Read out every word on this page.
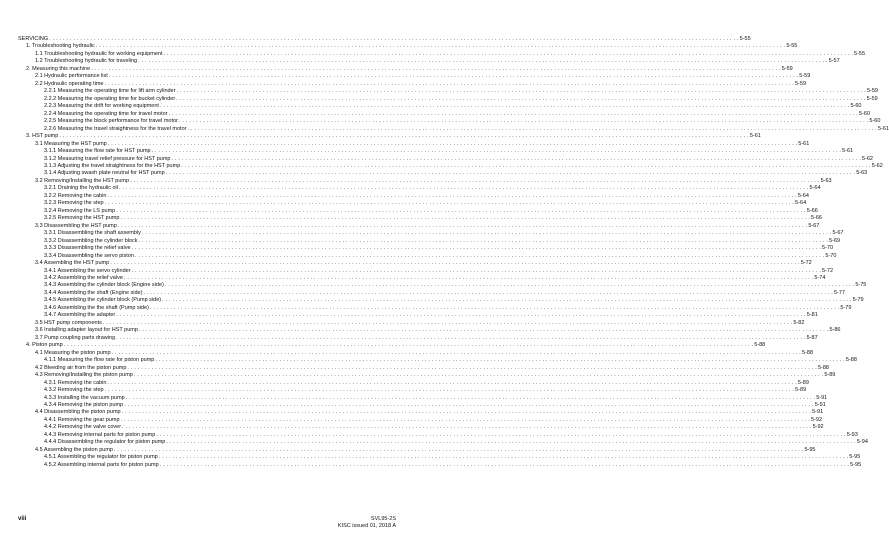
SERVICING . . . . . . . . . . . . . . . . . . . . . . . . . . . . . . . . . . . . . . . . . . . . . . . . . . . . . . . . . . . . . . . . . . . . . . . . . . . . . . . . . . . . . . . . . . . . . . . . . . . . . . . . . . . . . . . . . . . . . . . . . . . . . . . . . . . . . . . . . . . . . . . . . . . . . . . . . . . . . . . . . . . . . . . . . . . . . . . . . . . . . . . . . . . . . . . . . . . . . . . . 5-55
1. Troubleshooting hydraulic . . . . . . . . . . . . . . . . . . . . . . . . . . . . . . . . . . . . . . . . . . . . . . . . . . . . . . . . . . . . . . . . . . . . . . . . . . . . . . . . . . . . . . . . . . . . . . . . . . . . . . . . . . . . . . . . . . . . . . . . . . . . . . . . . . . . . . . . . . . . . . . . . . . . . . . . . . . . . . . . . . . . . . . . . . . . . . . . . . . . . . . . . . . . . . . . . . . . . . . . 5-55
1.1 Troubleshooting hydraulic for working equipment . . . . . . . . . . . . . . . . . . . . . . . . . . . . . . . . . . . . . . . . . . . . . . . . . . . . . . . . . . . . . . . . . . . . . . . . . . . . . . . . . . . . . . . . . . . . . . . . . . . . . . . . . . . . . . . . . . . . . . . . . . . . . . . . . . . . . . . . . . . . . . . . . . . . . . . . . . . . . . . . . . . . . . . . . . . . . . . . . . . . . . . . . . . . . . . . . . . . . . . . 5-55
1.2 Troubleshooting hydraulic for traveling . . . . . . . . . . . . . . . . . . . . . . . . . . . . . . . . . . . . . . . . . . . . . . . . . . . . . . . . . . . . . . . . . . . . . . . . . . . . . . . . . . . . . . . . . . . . . . . . . . . . . . . . . . . . . . . . . . . . . . . . . . . . . . . . . . . . . . . . . . . . . . . . . . . . . . . . . . . . . . . . . . . . . . . . . . . . . . . . . . . . . . . . . . . . . . . . . . . . . . . . 5-57
2. Measuring this machine . . . . . . . . . . . . . . . . . . . . . . . . . . . . . . . . . . . . . . . . . . . . . . . . . . . . . . . . . . . . . . . . . . . . . . . . . . . . . . . . . . . . . . . . . . . . . . . . . . . . . . . . . . . . . . . . . . . . . . . . . . . . . . . . . . . . . . . . . . . . . . . . . . . . . . . . . . . . . . . . . . . . . . . . . . . . . . . . . . . . . . . . . . . . . . . . . . . . . . . . 5-59
2.1 Hydraulic performance list . . . . . . . . . . . . . . . . . . . . . . . . . . . . . . . . . . . . . . . . . . . . . . . . . . . . . . . . . . . . . . . . . . . . . . . . . . . . . . . . . . . . . . . . . . . . . . . . . . . . . . . . . . . . . . . . . . . . . . . . . . . . . . . . . . . . . . . . . . . . . . . . . . . . . . . . . . . . . . . . . . . . . . . . . . . . . . . . . . . . . . . . . . . . . . . . . . . . . . . . 5-59
2.2 Hydraulic operating time . . . . . . . . . . . . . . . . . . . . . . . . . . . . . . . . . . . . . . . . . . . . . . . . . . . . . . . . . . . . . . . . . . . . . . . . . . . . . . . . . . . . . . . . . . . . . . . . . . . . . . . . . . . . . . . . . . . . . . . . . . . . . . . . . . . . . . . . . . . . . . . . . . . . . . . . . . . . . . . . . . . . . . . . . . . . . . . . . . . . . . . . . . . . . . . . . . . . . . . . 5-59
2.2.1 Measuring the operating time for lift arm cylinder . . . . . . . . . . . . . . . . . . . . . . . . . . . . . . . . . . . . . . . . . . . . . . . . . . . . . . . . . . . . . . . . . . . . . . . . . . . . . . . . . . . . . . . . . . . . . . . . . . . . . . . . . . . . . . . . . . . . . . . . . . . . . . . . . . . . . . . . . . . . . . . . . . . . . . . . . . . . . . . . . . . . . . . . . . . . . . . . . . . . . . . . . . . . . . . . . . . . . . . . 5-59
2.2.2 Measuring the operating time for bucket cylinder . . . . . . . . . . . . . . . . . . . . . . . . . . . . . . . . . . . . . . . . . . . . . . . . . . . . . . . . . . . . . . . . . . . . . . . . . . . . . . . . . . . . . . . . . . . . . . . . . . . . . . . . . . . . . . . . . . . . . . . . . . . . . . . . . . . . . . . . . . . . . . . . . . . . . . . . . . . . . . . . . . . . . . . . . . . . . . . . . . . . . . . . . . . . . . . . . . . . . . . . 5-59
2.2.3 Measuring the drift for working equipment . . . . . . . . . . . . . . . . . . . . . . . . . . . . . . . . . . . . . . . . . . . . . . . . . . . . . . . . . . . . . . . . . . . . . . . . . . . . . . . . . . . . . . . . . . . . . . . . . . . . . . . . . . . . . . . . . . . . . . . . . . . . . . . . . . . . . . . . . . . . . . . . . . . . . . . . . . . . . . . . . . . . . . . . . . . . . . . . . . . . . . . . . . . . . . . . . . . . . . . . 5-60
2.2.4 Measuring the operating time for travel motor . . . . . . . . . . . . . . . . . . . . . . . . . . . . . . . . . . . . . . . . . . . . . . . . . . . . . . . . . . . . . . . . . . . . . . . . . . . . . . . . . . . . . . . . . . . . . . . . . . . . . . . . . . . . . . . . . . . . . . . . . . . . . . . . . . . . . . . . . . . . . . . . . . . . . . . . . . . . . . . . . . . . . . . . . . . . . . . . . . . . . . . . . . . . . . . . . . . . . . . . 5-60
2.2.5 Measuring the block performance for travel motor . . . . . . . . . . . . . . . . . . . . . . . . . . . . . . . . . . . . . . . . . . . . . . . . . . . . . . . . . . . . . . . . . . . . . . . . . . . . . . . . . . . . . . . . . . . . . . . . . . . . . . . . . . . . . . . . . . . . . . . . . . . . . . . . . . . . . . . . . . . . . . . . . . . . . . . . . . . . . . . . . . . . . . . . . . . . . . . . . . . . . . . . . . . . . . . . . . . . . . . . 5-60
2.2.6 Measuring the travel straightness for the travel motor . . . . . . . . . . . . . . . . . . . . . . . . . . . . . . . . . . . . . . . . . . . . . . . . . . . . . . . . . . . . . . . . . . . . . . . . . . . . . . . . . . . . . . . . . . . . . . . . . . . . . . . . . . . . . . . . . . . . . . . . . . . . . . . . . . . . . . . . . . . . . . . . . . . . . . . . . . . . . . . . . . . . . . . . . . . . . . . . . . . . . . . . . . . . . . . . . . . . . . . . 5-61
3. HST pump . . . . . . . . . . . . . . . . . . . . . . . . . . . . . . . . . . . . . . . . . . . . . . . . . . . . . . . . . . . . . . . . . . . . . . . . . . . . . . . . . . . . . . . . . . . . . . . . . . . . . . . . . . . . . . . . . . . . . . . . . . . . . . . . . . . . . . . . . . . . . . . . . . . . . . . . . . . . . . . . . . . . . . . . . . . . . . . . . . . . . . . . . . . . . . . . . . . . . . . . 5-61
3.1 Measuring the HST pump . . . . . . . . . . . . . . . . . . . . . . . . . . . . . . . . . . . . . . . . . . . . . . . . . . . . . . . . . . . . . . . . . . . . . . . . . . . . . . . . . . . . . . . . . . . . . . . . . . . . . . . . . . . . . . . . . . . . . . . . . . . . . . . . . . . . . . . . . . . . . . . . . . . . . . . . . . . . . . . . . . . . . . . . . . . . . . . . . . . . . . . . . . . . . . . . . . . . . . . . 5-61
3.1.1 Measuring the flow rate for HST pump . . . . . . . . . . . . . . . . . . . . . . . . . . . . . . . . . . . . . . . . . . . . . . . . . . . . . . . . . . . . . . . . . . . . . . . . . . . . . . . . . . . . . . . . . . . . . . . . . . . . . . . . . . . . . . . . . . . . . . . . . . . . . . . . . . . . . . . . . . . . . . . . . . . . . . . . . . . . . . . . . . . . . . . . . . . . . . . . . . . . . . . . . . . . . . . . . . . . . . . . 5-61
3.1.2 Measuring travel relief pressure for HST pump . . . . . . . . . . . . . . . . . . . . . . . . . . . . . . . . . . . . . . . . . . . . . . . . . . . . . . . . . . . . . . . . . . . . . . . . . . . . . . . . . . . . . . . . . . . . . . . . . . . . . . . . . . . . . . . . . . . . . . . . . . . . . . . . . . . . . . . . . . . . . . . . . . . . . . . . . . . . . . . . . . . . . . . . . . . . . . . . . . . . . . . . . . . . . . . . . . . . . . . . 5-62
3.1.3 Adjusting the travel straightness for the HST pump . . . . . . . . . . . . . . . . . . . . . . . . . . . . . . . . . . . . . . . . . . . . . . . . . . . . . . . . . . . . . . . . . . . . . . . . . . . . . . . . . . . . . . . . . . . . . . . . . . . . . . . . . . . . . . . . . . . . . . . . . . . . . . . . . . . . . . . . . . . . . . . . . . . . . . . . . . . . . . . . . . . . . . . . . . . . . . . . . . . . . . . . . . . . . . . . . . . . . . . . 5-62
3.1.4 Adjusting swash plate neutral for HST pump . . . . . . . . . . . . . . . . . . . . . . . . . . . . . . . . . . . . . . . . . . . . . . . . . . . . . . . . . . . . . . . . . . . . . . . . . . . . . . . . . . . . . . . . . . . . . . . . . . . . . . . . . . . . . . . . . . . . . . . . . . . . . . . . . . . . . . . . . . . . . . . . . . . . . . . . . . . . . . . . . . . . . . . . . . . . . . . . . . . . . . . . . . . . . . . . . . . . . . . . 5-63
3.2 Removing/Installing the HST pump . . . . . . . . . . . . . . . . . . . . . . . . . . . . . . . . . . . . . . . . . . . . . . . . . . . . . . . . . . . . . . . . . . . . . . . . . . . . . . . . . . . . . . . . . . . . . . . . . . . . . . . . . . . . . . . . . . . . . . . . . . . . . . . . . . . . . . . . . . . . . . . . . . . . . . . . . . . . . . . . . . . . . . . . . . . . . . . . . . . . . . . . . . . . . . . . . . . . . . . . 5-63
3.2.1 Draining the hydraulic oil . . . . . . . . . . . . . . . . . . . . . . . . . . . . . . . . . . . . . . . . . . . . . . . . . . . . . . . . . . . . . . . . . . . . . . . . . . . . . . . . . . . . . . . . . . . . . . . . . . . . . . . . . . . . . . . . . . . . . . . . . . . . . . . . . . . . . . . . . . . . . . . . . . . . . . . . . . . . . . . . . . . . . . . . . . . . . . . . . . . . . . . . . . . . . . . . . . . . . . . . 5-64
3.2.2 Removing the cabin . . . . . . . . . . . . . . . . . . . . . . . . . . . . . . . . . . . . . . . . . . . . . . . . . . . . . . . . . . . . . . . . . . . . . . . . . . . . . . . . . . . . . . . . . . . . . . . . . . . . . . . . . . . . . . . . . . . . . . . . . . . . . . . . . . . . . . . . . . . . . . . . . . . . . . . . . . . . . . . . . . . . . . . . . . . . . . . . . . . . . . . . . . . . . . . . . . . . . . . . 5-64
3.2.3 Removing the step . . . . . . . . . . . . . . . . . . . . . . . . . . . . . . . . . . . . . . . . . . . . . . . . . . . . . . . . . . . . . . . . . . . . . . . . . . . . . . . . . . . . . . . . . . . . . . . . . . . . . . . . . . . . . . . . . . . . . . . . . . . . . . . . . . . . . . . . . . . . . . . . . . . . . . . . . . . . . . . . . . . . . . . . . . . . . . . . . . . . . . . . . . . . . . . . . . . . . . . . 5-64
3.2.4 Removing the LS pump . . . . . . . . . . . . . . . . . . . . . . . . . . . . . . . . . . . . . . . . . . . . . . . . . . . . . . . . . . . . . . . . . . . . . . . . . . . . . . . . . . . . . . . . . . . . . . . . . . . . . . . . . . . . . . . . . . . . . . . . . . . . . . . . . . . . . . . . . . . . . . . . . . . . . . . . . . . . . . . . . . . . . . . . . . . . . . . . . . . . . . . . . . . . . . . . . . . . . . . . 5-66
3.2.5 Removing the HST pump . . . . . . . . . . . . . . . . . . . . . . . . . . . . . . . . . . . . . . . . . . . . . . . . . . . . . . . . . . . . . . . . . . . . . . . . . . . . . . . . . . . . . . . . . . . . . . . . . . . . . . . . . . . . . . . . . . . . . . . . . . . . . . . . . . . . . . . . . . . . . . . . . . . . . . . . . . . . . . . . . . . . . . . . . . . . . . . . . . . . . . . . . . . . . . . . . . . . . . . . 5-66
3.3 Disassembling the HST pump . . . . . . . . . . . . . . . . . . . . . . . . . . . . . . . . . . . . . . . . . . . . . . . . . . . . . . . . . . . . . . . . . . . . . . . . . . . . . . . . . . . . . . . . . . . . . . . . . . . . . . . . . . . . . . . . . . . . . . . . . . . . . . . . . . . . . . . . . . . . . . . . . . . . . . . . . . . . . . . . . . . . . . . . . . . . . . . . . . . . . . . . . . . . . . . . . . . . . . . . 5-67
3.3.1 Disassembling the shaft assembly . . . . . . . . . . . . . . . . . . . . . . . . . . . . . . . . . . . . . . . . . . . . . . . . . . . . . . . . . . . . . . . . . . . . . . . . . . . . . . . . . . . . . . . . . . . . . . . . . . . . . . . . . . . . . . . . . . . . . . . . . . . . . . . . . . . . . . . . . . . . . . . . . . . . . . . . . . . . . . . . . . . . . . . . . . . . . . . . . . . . . . . . . . . . . . . . . . . . . . . . 5-67
3.3.2 Disassembling the cylinder block . . . . . . . . . . . . . . . . . . . . . . . . . . . . . . . . . . . . . . . . . . . . . . . . . . . . . . . . . . . . . . . . . . . . . . . . . . . . . . . . . . . . . . . . . . . . . . . . . . . . . . . . . . . . . . . . . . . . . . . . . . . . . . . . . . . . . . . . . . . . . . . . . . . . . . . . . . . . . . . . . . . . . . . . . . . . . . . . . . . . . . . . . . . . . . . . . . . . . . . . 5-69
3.3.3 Disassembling the relief valve . . . . . . . . . . . . . . . . . . . . . . . . . . . . . . . . . . . . . . . . . . . . . . . . . . . . . . . . . . . . . . . . . . . . . . . . . . . . . . . . . . . . . . . . . . . . . . . . . . . . . . . . . . . . . . . . . . . . . . . . . . . . . . . . . . . . . . . . . . . . . . . . . . . . . . . . . . . . . . . . . . . . . . . . . . . . . . . . . . . . . . . . . . . . . . . . . . . . . . . . 5-70
3.3.4 Disassembling the servo piston . . . . . . . . . . . . . . . . . . . . . . . . . . . . . . . . . . . . . . . . . . . . . . . . . . . . . . . . . . . . . . . . . . . . . . . . . . . . . . . . . . . . . . . . . . . . . . . . . . . . . . . . . . . . . . . . . . . . . . . . . . . . . . . . . . . . . . . . . . . . . . . . . . . . . . . . . . . . . . . . . . . . . . . . . . . . . . . . . . . . . . . . . . . . . . . . . . . . . . . . 5-70
3.4 Assembling the HST pump . . . . . . . . . . . . . . . . . . . . . . . . . . . . . . . . . . . . . . . . . . . . . . . . . . . . . . . . . . . . . . . . . . . . . . . . . . . . . . . . . . . . . . . . . . . . . . . . . . . . . . . . . . . . . . . . . . . . . . . . . . . . . . . . . . . . . . . . . . . . . . . . . . . . . . . . . . . . . . . . . . . . . . . . . . . . . . . . . . . . . . . . . . . . . . . . . . . . . . . . 5-72
3.4.1 Assembling the servo cylinder . . . . . . . . . . . . . . . . . . . . . . . . . . . . . . . . . . . . . . . . . . . . . . . . . . . . . . . . . . . . . . . . . . . . . . . . . . . . . . . . . . . . . . . . . . . . . . . . . . . . . . . . . . . . . . . . . . . . . . . . . . . . . . . . . . . . . . . . . . . . . . . . . . . . . . . . . . . . . . . . . . . . . . . . . . . . . . . . . . . . . . . . . . . . . . . . . . . . . . . . 5-72
3.4.2 Assembling the relief valve . . . . . . . . . . . . . . . . . . . . . . . . . . . . . . . . . . . . . . . . . . . . . . . . . . . . . . . . . . . . . . . . . . . . . . . . . . . . . . . . . . . . . . . . . . . . . . . . . . . . . . . . . . . . . . . . . . . . . . . . . . . . . . . . . . . . . . . . . . . . . . . . . . . . . . . . . . . . . . . . . . . . . . . . . . . . . . . . . . . . . . . . . . . . . . . . . . . . . . . . 5-74
3.4.3 Assembling the cylinder block (Engine side) . . . . . . . . . . . . . . . . . . . . . . . . . . . . . . . . . . . . . . . . . . . . . . . . . . . . . . . . . . . . . . . . . . . . . . . . . . . . . . . . . . . . . . . . . . . . . . . . . . . . . . . . . . . . . . . . . . . . . . . . . . . . . . . . . . . . . . . . . . . . . . . . . . . . . . . . . . . . . . . . . . . . . . . . . . . . . . . . . . . . . . . . . . . . . . . . . . . . . . . . 5-75
3.4.4 Assembling the shaft (Engine side) . . . . . . . . . . . . . . . . . . . . . . . . . . . . . . . . . . . . . . . . . . . . . . . . . . . . . . . . . . . . . . . . . . . . . . . . . . . . . . . . . . . . . . . . . . . . . . . . . . . . . . . . . . . . . . . . . . . . . . . . . . . . . . . . . . . . . . . . . . . . . . . . . . . . . . . . . . . . . . . . . . . . . . . . . . . . . . . . . . . . . . . . . . . . . . . . . . . . . . . . 5-77
3.4.5 Assembling the cylinder block (Pump side) . . . . . . . . . . . . . . . . . . . . . . . . . . . . . . . . . . . . . . . . . . . . . . . . . . . . . . . . . . . . . . . . . . . . . . . . . . . . . . . . . . . . . . . . . . . . . . . . . . . . . . . . . . . . . . . . . . . . . . . . . . . . . . . . . . . . . . . . . . . . . . . . . . . . . . . . . . . . . . . . . . . . . . . . . . . . . . . . . . . . . . . . . . . . . . . . . . . . . . . . 5-79
3.4.6 Assembling the the shaft (Pump side) . . . . . . . . . . . . . . . . . . . . . . . . . . . . . . . . . . . . . . . . . . . . . . . . . . . . . . . . . . . . . . . . . . . . . . . . . . . . . . . . . . . . . . . . . . . . . . . . . . . . . . . . . . . . . . . . . . . . . . . . . . . . . . . . . . . . . . . . . . . . . . . . . . . . . . . . . . . . . . . . . . . . . . . . . . . . . . . . . . . . . . . . . . . . . . . . . . . . . . . . 5-79
3.4.7 Assembling the adapter . . . . . . . . . . . . . . . . . . . . . . . . . . . . . . . . . . . . . . . . . . . . . . . . . . . . . . . . . . . . . . . . . . . . . . . . . . . . . . . . . . . . . . . . . . . . . . . . . . . . . . . . . . . . . . . . . . . . . . . . . . . . . . . . . . . . . . . . . . . . . . . . . . . . . . . . . . . . . . . . . . . . . . . . . . . . . . . . . . . . . . . . . . . . . . . . . . . . . . . . 5-81
3.5 HST pump components . . . . . . . . . . . . . . . . . . . . . . . . . . . . . . . . . . . . . . . . . . . . . . . . . . . . . . . . . . . . . . . . . . . . . . . . . . . . . . . . . . . . . . . . . . . . . . . . . . . . . . . . . . . . . . . . . . . . . . . . . . . . . . . . . . . . . . . . . . . . . . . . . . . . . . . . . . . . . . . . . . . . . . . . . . . . . . . . . . . . . . . . . . . . . . . . . . . . . . . . 5-82
3.6 Installing adapter layout for HST pump . . . . . . . . . . . . . . . . . . . . . . . . . . . . . . . . . . . . . . . . . . . . . . . . . . . . . . . . . . . . . . . . . . . . . . . . . . . . . . . . . . . . . . . . . . . . . . . . . . . . . . . . . . . . . . . . . . . . . . . . . . . . . . . . . . . . . . . . . . . . . . . . . . . . . . . . . . . . . . . . . . . . . . . . . . . . . . . . . . . . . . . . . . . . . . . . . . . . . . . . 5-86
3.7 Pump coupling parts drawing . . . . . . . . . . . . . . . . . . . . . . . . . . . . . . . . . . . . . . . . . . . . . . . . . . . . . . . . . . . . . . . . . . . . . . . . . . . . . . . . . . . . . . . . . . . . . . . . . . . . . . . . . . . . . . . . . . . . . . . . . . . . . . . . . . . . . . . . . . . . . . . . . . . . . . . . . . . . . . . . . . . . . . . . . . . . . . . . . . . . . . . . . . . . . . . . . . . . . . . . 5-87
4. Piston pump . . . . . . . . . . . . . . . . . . . . . . . . . . . . . . . . . . . . . . . . . . . . . . . . . . . . . . . . . . . . . . . . . . . . . . . . . . . . . . . . . . . . . . . . . . . . . . . . . . . . . . . . . . . . . . . . . . . . . . . . . . . . . . . . . . . . . . . . . . . . . . . . . . . . . . . . . . . . . . . . . . . . . . . . . . . . . . . . . . . . . . . . . . . . . . . . . . . . . . . . 5-88
4.1 Measuring the piston pump . . . . . . . . . . . . . . . . . . . . . . . . . . . . . . . . . . . . . . . . . . . . . . . . . . . . . . . . . . . . . . . . . . . . . . . . . . . . . . . . . . . . . . . . . . . . . . . . . . . . . . . . . . . . . . . . . . . . . . . . . . . . . . . . . . . . . . . . . . . . . . . . . . . . . . . . . . . . . . . . . . . . . . . . . . . . . . . . . . . . . . . . . . . . . . . . . . . . . . . . 5-88
4.1.1 Measuring the flow rate for piston pump . . . . . . . . . . . . . . . . . . . . . . . . . . . . . . . . . . . . . . . . . . . . . . . . . . . . . . . . . . . . . . . . . . . . . . . . . . . . . . . . . . . . . . . . . . . . . . . . . . . . . . . . . . . . . . . . . . . . . . . . . . . . . . . . . . . . . . . . . . . . . . . . . . . . . . . . . . . . . . . . . . . . . . . . . . . . . . . . . . . . . . . . . . . . . . . . . . . . . . . . 5-88
4.2 Bleeding air from the piston pump . . . . . . . . . . . . . . . . . . . . . . . . . . . . . . . . . . . . . . . . . . . . . . . . . . . . . . . . . . . . . . . . . . . . . . . . . . . . . . . . . . . . . . . . . . . . . . . . . . . . . . . . . . . . . . . . . . . . . . . . . . . . . . . . . . . . . . . . . . . . . . . . . . . . . . . . . . . . . . . . . . . . . . . . . . . . . . . . . . . . . . . . . . . . . . . . . . . . . . . . 5-88
4.3 Removing/Installing the piston pump . . . . . . . . . . . . . . . . . . . . . . . . . . . . . . . . . . . . . . . . . . . . . . . . . . . . . . . . . . . . . . . . . . . . . . . . . . . . . . . . . . . . . . . . . . . . . . . . . . . . . . . . . . . . . . . . . . . . . . . . . . . . . . . . . . . . . . . . . . . . . . . . . . . . . . . . . . . . . . . . . . . . . . . . . . . . . . . . . . . . . . . . . . . . . . . . . . . . . . . . 5-89
4.3.1 Removing the cabin . . . . . . . . . . . . . . . . . . . . . . . . . . . . . . . . . . . . . . . . . . . . . . . . . . . . . . . . . . . . . . . . . . . . . . . . . . . . . . . . . . . . . . . . . . . . . . . . . . . . . . . . . . . . . . . . . . . . . . . . . . . . . . . . . . . . . . . . . . . . . . . . . . . . . . . . . . . . . . . . . . . . . . . . . . . . . . . . . . . . . . . . . . . . . . . . . . . . . . . . 5-89
4.3.2 Removing the step . . . . . . . . . . . . . . . . . . . . . . . . . . . . . . . . . . . . . . . . . . . . . . . . . . . . . . . . . . . . . . . . . . . . . . . . . . . . . . . . . . . . . . . . . . . . . . . . . . . . . . . . . . . . . . . . . . . . . . . . . . . . . . . . . . . . . . . . . . . . . . . . . . . . . . . . . . . . . . . . . . . . . . . . . . . . . . . . . . . . . . . . . . . . . . . . . . . . . . . . 5-89
4.3.3 Installing the vacuum pump . . . . . . . . . . . . . . . . . . . . . . . . . . . . . . . . . . . . . . . . . . . . . . . . . . . . . . . . . . . . . . . . . . . . . . . . . . . . . . . . . . . . . . . . . . . . . . . . . . . . . . . . . . . . . . . . . . . . . . . . . . . . . . . . . . . . . . . . . . . . . . . . . . . . . . . . . . . . . . . . . . . . . . . . . . . . . . . . . . . . . . . . . . . . . . . . . . . . . . . . 5-91
4.3.4 Removing the piston pump . . . . . . . . . . . . . . . . . . . . . . . . . . . . . . . . . . . . . . . . . . . . . . . . . . . . . . . . . . . . . . . . . . . . . . . . . . . . . . . . . . . . . . . . . . . . . . . . . . . . . . . . . . . . . . . . . . . . . . . . . . . . . . . . . . . . . . . . . . . . . . . . . . . . . . . . . . . . . . . . . . . . . . . . . . . . . . . . . . . . . . . . . . . . . . . . . . . . . . . . 5-91
4.4 Disassembling the piston pump . . . . . . . . . . . . . . . . . . . . . . . . . . . . . . . . . . . . . . . . . . . . . . . . . . . . . . . . . . . . . . . . . . . . . . . . . . . . . . . . . . . . . . . . . . . . . . . . . . . . . . . . . . . . . . . . . . . . . . . . . . . . . . . . . . . . . . . . . . . . . . . . . . . . . . . . . . . . . . . . . . . . . . . . . . . . . . . . . . . . . . . . . . . . . . . . . . . . . . . . 5-91
4.4.1 Removing the gear pump . . . . . . . . . . . . . . . . . . . . . . . . . . . . . . . . . . . . . . . . . . . . . . . . . . . . . . . . . . . . . . . . . . . . . . . . . . . . . . . . . . . . . . . . . . . . . . . . . . . . . . . . . . . . . . . . . . . . . . . . . . . . . . . . . . . . . . . . . . . . . . . . . . . . . . . . . . . . . . . . . . . . . . . . . . . . . . . . . . . . . . . . . . . . . . . . . . . . . . . . 5-92
4.4.2 Removing the valve cover . . . . . . . . . . . . . . . . . . . . . . . . . . . . . . . . . . . . . . . . . . . . . . . . . . . . . . . . . . . . . . . . . . . . . . . . . . . . . . . . . . . . . . . . . . . . . . . . . . . . . . . . . . . . . . . . . . . . . . . . . . . . . . . . . . . . . . . . . . . . . . . . . . . . . . . . . . . . . . . . . . . . . . . . . . . . . . . . . . . . . . . . . . . . . . . . . . . . . . . . 5-92
4.4.3 Removing internal parts for piston pump . . . . . . . . . . . . . . . . . . . . . . . . . . . . . . . . . . . . . . . . . . . . . . . . . . . . . . . . . . . . . . . . . . . . . . . . . . . . . . . . . . . . . . . . . . . . . . . . . . . . . . . . . . . . . . . . . . . . . . . . . . . . . . . . . . . . . . . . . . . . . . . . . . . . . . . . . . . . . . . . . . . . . . . . . . . . . . . . . . . . . . . . . . . . . . . . . . . . . . . . 5-93
4.4.4 Disassembling the regulator for piston pump . . . . . . . . . . . . . . . . . . . . . . . . . . . . . . . . . . . . . . . . . . . . . . . . . . . . . . . . . . . . . . . . . . . . . . . . . . . . . . . . . . . . . . . . . . . . . . . . . . . . . . . . . . . . . . . . . . . . . . . . . . . . . . . . . . . . . . . . . . . . . . . . . . . . . . . . . . . . . . . . . . . . . . . . . . . . . . . . . . . . . . . . . . . . . . . . . . . . . . . . 5-94
4.5 Assembling the piston pump . . . . . . . . . . . . . . . . . . . . . . . . . . . . . . . . . . . . . . . . . . . . . . . . . . . . . . . . . . . . . . . . . . . . . . . . . . . . . . . . . . . . . . . . . . . . . . . . . . . . . . . . . . . . . . . . . . . . . . . . . . . . . . . . . . . . . . . . . . . . . . . . . . . . . . . . . . . . . . . . . . . . . . . . . . . . . . . . . . . . . . . . . . . . . . . . . . . . . . . . 5-95
4.5.1 Assembling the regulator for piston pump . . . . . . . . . . . . . . . . . . . . . . . . . . . . . . . . . . . . . . . . . . . . . . . . . . . . . . . . . . . . . . . . . . . . . . . . . . . . . . . . . . . . . . . . . . . . . . . . . . . . . . . . . . . . . . . . . . . . . . . . . . . . . . . . . . . . . . . . . . . . . . . . . . . . . . . . . . . . . . . . . . . . . . . . . . . . . . . . . . . . . . . . . . . . . . . . . . . . . . . . 5-95
4.5.2 Assembling internal parts for piston pump . . . . . . . . . . . . . . . . . . . . . . . . . . . . . . . . . . . . . . . . . . . . . . . . . . . . . . . . . . . . . . . . . . . . . . . . . . . . . . . . . . . . . . . . . . . . . . . . . . . . . . . . . . . . . . . . . . . . . . . . . . . . . . . . . . . . . . . . . . . . . . . . . . . . . . . . . . . . . . . . . . . . . . . . . . . . . . . . . . . . . . . . . . . . . . . . . . . . . . . . 5-95
viii	SVL95-2S
KISC issued 01, 2018 A
